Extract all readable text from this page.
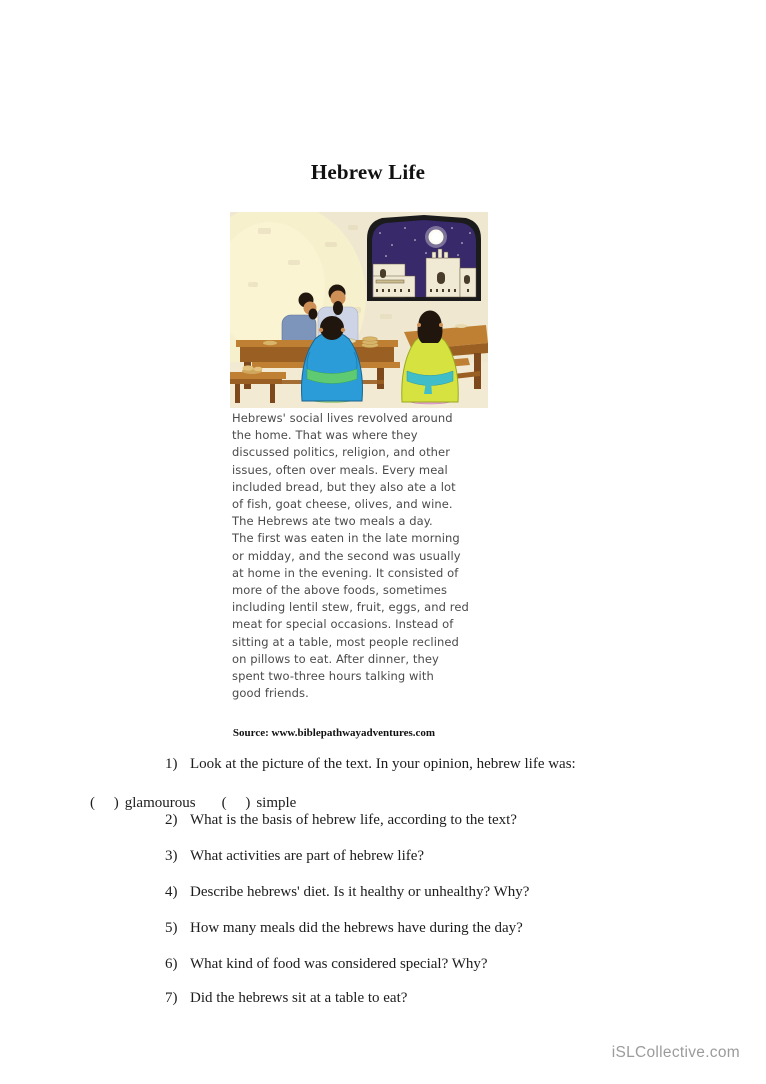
Hebrew Life
Hebrews' social lives revolved around
the home. That was where they
discussed politics, religion, and other
issues, often over meals. Every meal
included bread, but they also ate a lot
of fish, goat cheese, olives, and wine.
The Hebrews ate two meals a day.
The first was eaten in the late morning
or midday, and the second was usually
at home in the evening. It consisted of
more of the above foods, sometimes
including lentil stew, fruit, eggs, and red
meat for special occasions. Instead of
sitting at a table, most people reclined
on pillows to eat. After dinner, they
spent two-three hours talking with
good friends.
Source: www.biblepathwayadventures.com
1) Look at the picture of the text. In your opinion, hebrew life was:

(     ) glamourous (     ) simple

2) What is the basis of hebrew life, according to the text?
3) What activities are part of hebrew life?
4) Describe hebrews' diet. Is it healthy or unhealthy? Why?
5) How many meals did the hebrews have during the day?
6) What kind of food was considered special? Why?
7) Did the hebrews sit at a table to eat?
iSLCollective.com
